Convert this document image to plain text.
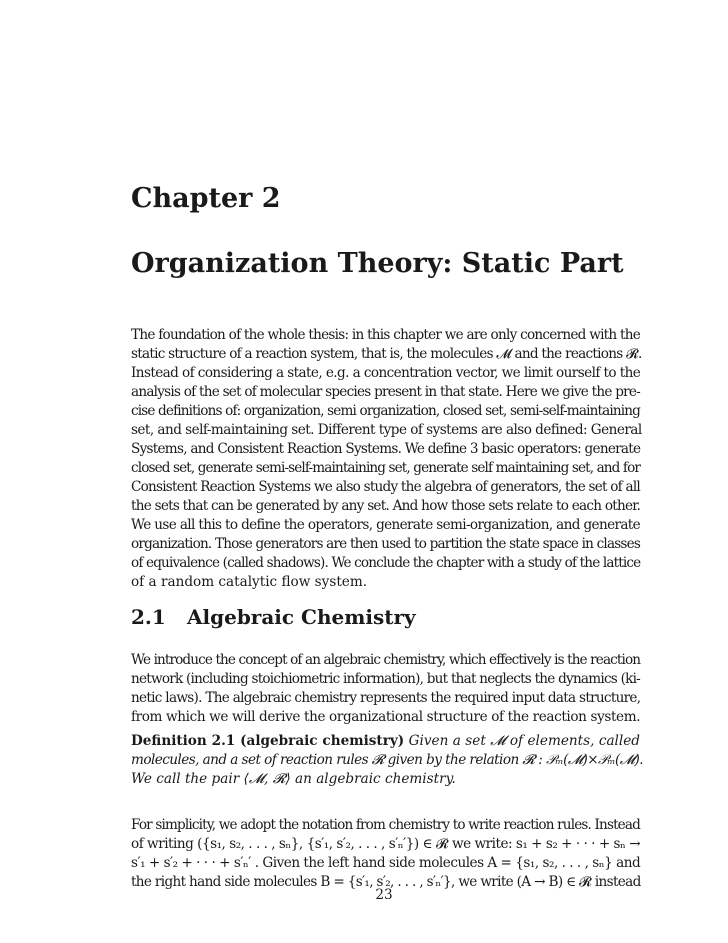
Chapter 2
Organization Theory: Static Part

The foundation of the whole thesis: in this chapter we are only concerned with the
static structure of a reaction system, that is, the molecules 𝓜 and the reactions 𝓡.
Instead of considering a state, e.g. a concentration vector, we limit ourself to the
analysis of the set of molecular species present in that state. Here we give the pre-
cise definitions of: organization, semi organization, closed set, semi-self-maintaining
set, and self-maintaining set. Different type of systems are also defined: General
Systems, and Consistent Reaction Systems. We define 3 basic operators: generate
closed set, generate semi-self-maintaining set, generate self maintaining set, and for
Consistent Reaction Systems we also study the algebra of generators, the set of all
the sets that can be generated by any set. And how those sets relate to each other.
We use all this to define the operators, generate semi-organization, and generate
organization. Those generators are then used to partition the state space in classes
of equivalence (called shadows). We conclude the chapter with a study of the lattice
of a random catalytic flow system.

2.1 Algebraic Chemistry

We introduce the concept of an algebraic chemistry, which effectively is the reaction
network (including stoichiometric information), but that neglects the dynamics (ki-
netic laws). The algebraic chemistry represents the required input data structure,
from which we will derive the organizational structure of the reaction system.

Definition 2.1 (algebraic chemistry) Given a set 𝓜 of elements, called
molecules, and a set of reaction rules 𝓡 given by the relation 𝓡 : 𝒫ₘ(𝓜)×𝒫ₘ(𝓜).
We call the pair ⟨𝓜, 𝓡⟩ an algebraic chemistry.

For simplicity, we adopt the notation from chemistry to write reaction rules. Instead
of writing ({s₁, s₂, . . . , sₙ}, {s′₁, s′₂, . . . , s′ₙ′}) ∈ 𝓡 we write: s₁ + s₂ + · · · + sₙ →
s′₁ + s′₂ + · · · + s′ₙ′ . Given the left hand side molecules A = {s₁, s₂, . . . , sₙ} and
the right hand side molecules B = {s′₁, s′₂, . . . , s′ₙ′}, we write (A → B) ∈ 𝓡 instead

23
